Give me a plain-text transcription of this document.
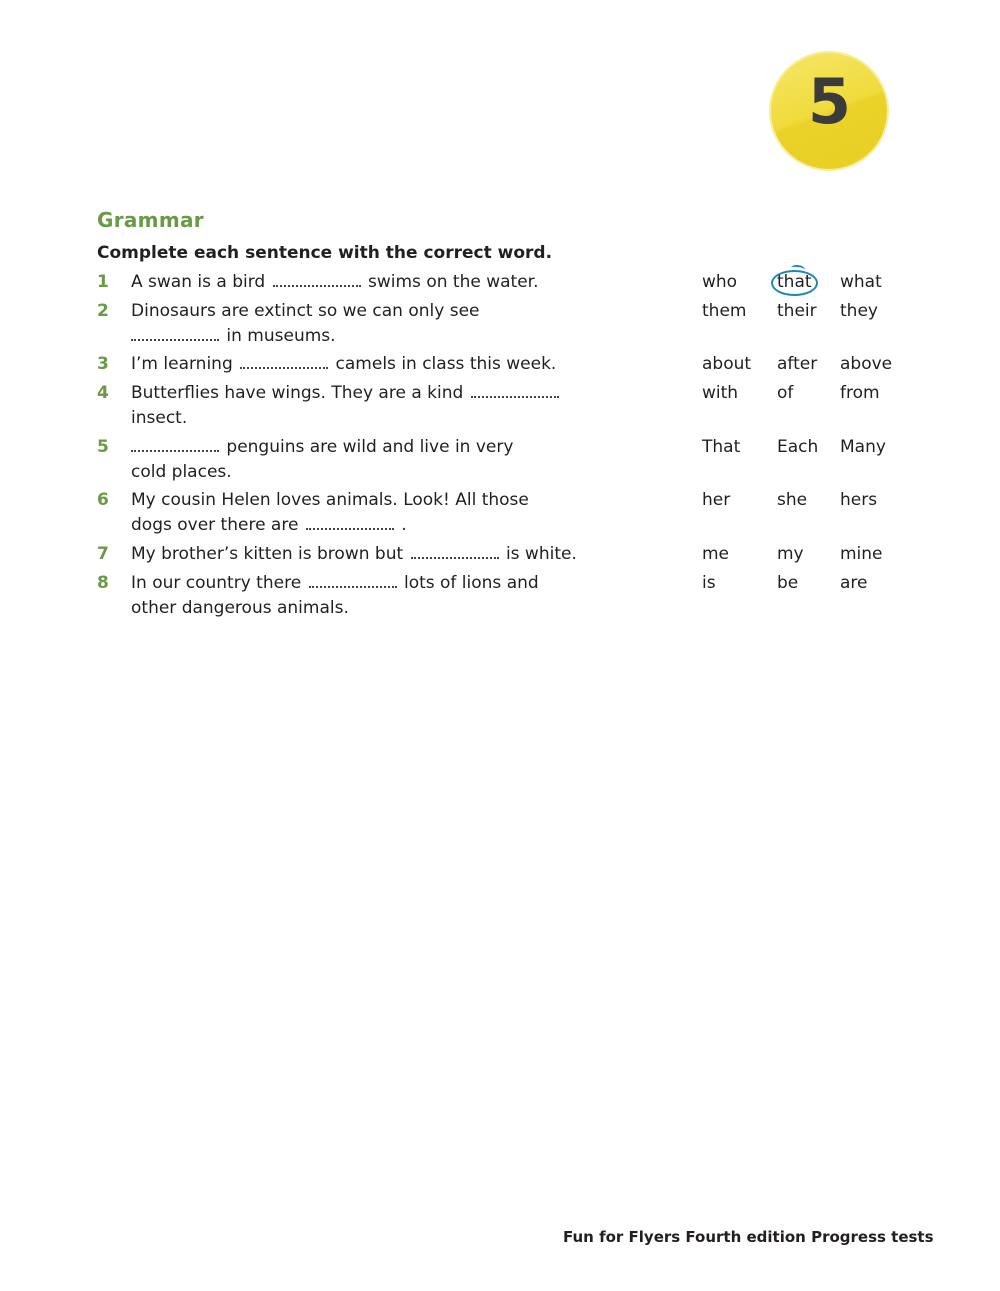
5
Grammar
Complete each sentence with the correct word.
1 A swan is a bird	swims on the water.	who that what
2 Dinosaurs are extinct so we can only see
in museums.
them their they
3 I’m learning	camels in class this week.	about after above
4 Butterflies have wings. They are a kind
insect.
with of	from
5	penguins are wild and live in very
cold places.
That Each Many
6 My cousin Helen loves animals. Look! All those
dogs over there are	.
her	she hers
7 My brother’s kitten is brown but	is white.	me	my mine
8 In our country there	lots of lions and
other dangerous animals.
is	be are
Fun for Flyers Fourth edition Progress tests
